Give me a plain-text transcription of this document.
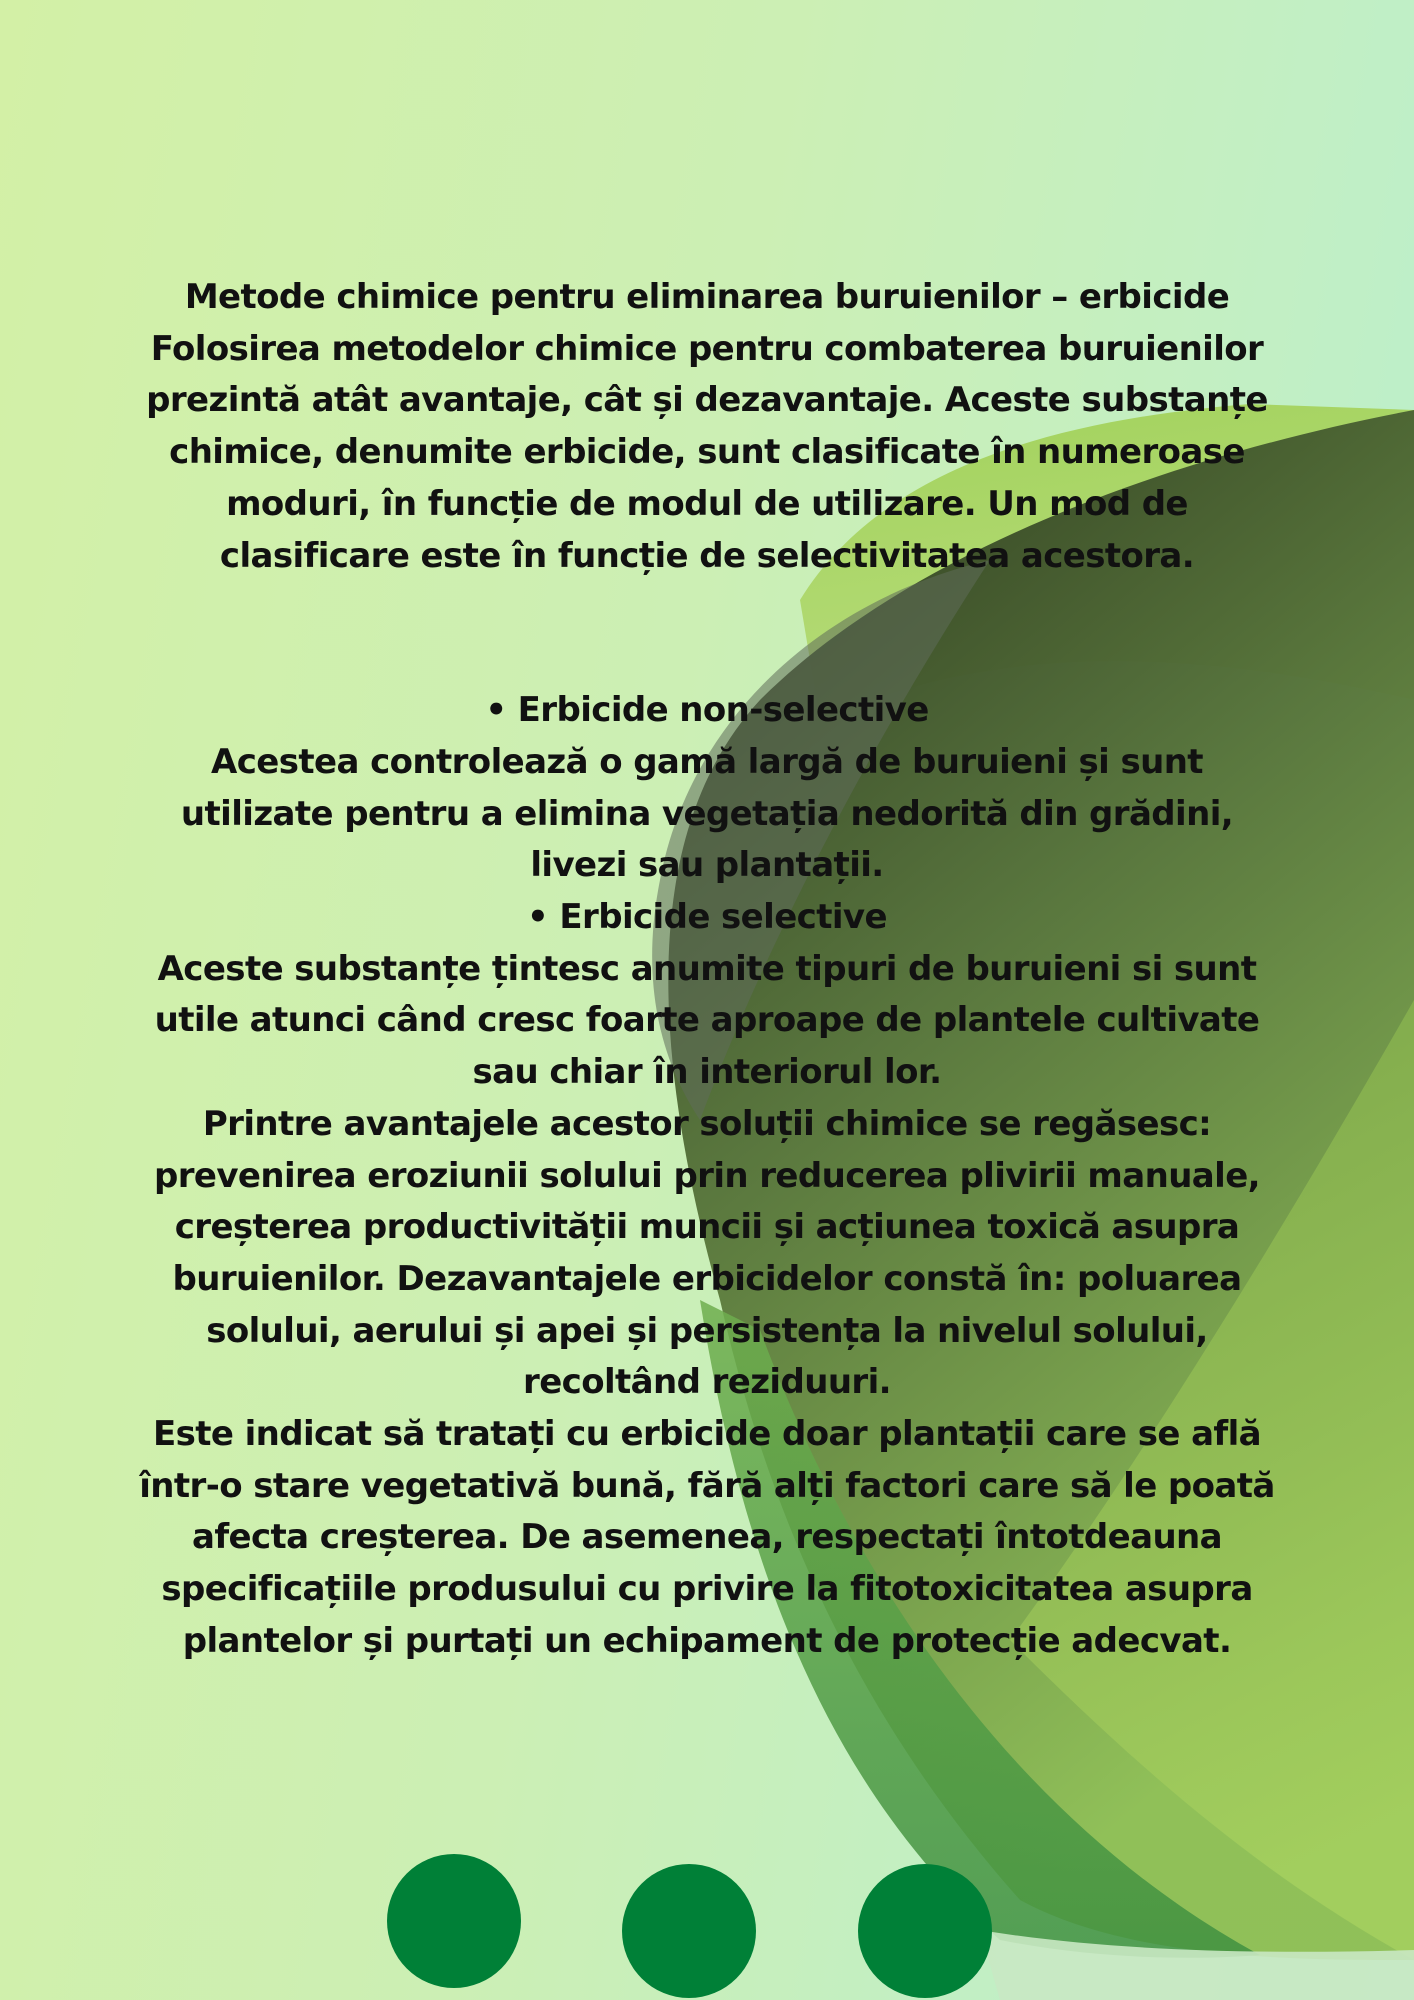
Metode chimice pentru eliminarea buruienilor – erbicide

Folosirea metodelor chimice pentru combaterea buruienilor prezintă atât avantaje, cât și dezavantaje. Aceste substanțe chimice, denumite erbicide, sunt clasificate în numeroase moduri, în funcție de modul de utilizare. Un mod de clasificare este în funcție de selectivitatea acestora.

• Erbicide non-selective

Acestea controlează o gamă largă de buruieni și sunt utilizate pentru a elimina vegetația nedorită din grădini, livezi sau plantații.

• Erbicide selective

Aceste substanțe țintesc anumite tipuri de buruieni si sunt utile atunci când cresc foarte aproape de plantele cultivate sau chiar în interiorul lor.

Printre avantajele acestor soluții chimice se regăsesc: prevenirea eroziunii solului prin reducerea plivirii manuale, creșterea productivității muncii și acțiunea toxică asupra buruienilor. Dezavantajele erbicidelor constă în: poluarea solului, aerului și apei și persistența la nivelul solului, recoltând reziduuri.

Este indicat să tratați cu erbicide doar plantații care se află într-o stare vegetativă bună, fără alți factori care să le poată afecta creșterea. De asemenea, respectați întotdeauna specificațiile produsului cu privire la fitotoxicitatea asupra plantelor și purtați un echipament de protecție adecvat.
